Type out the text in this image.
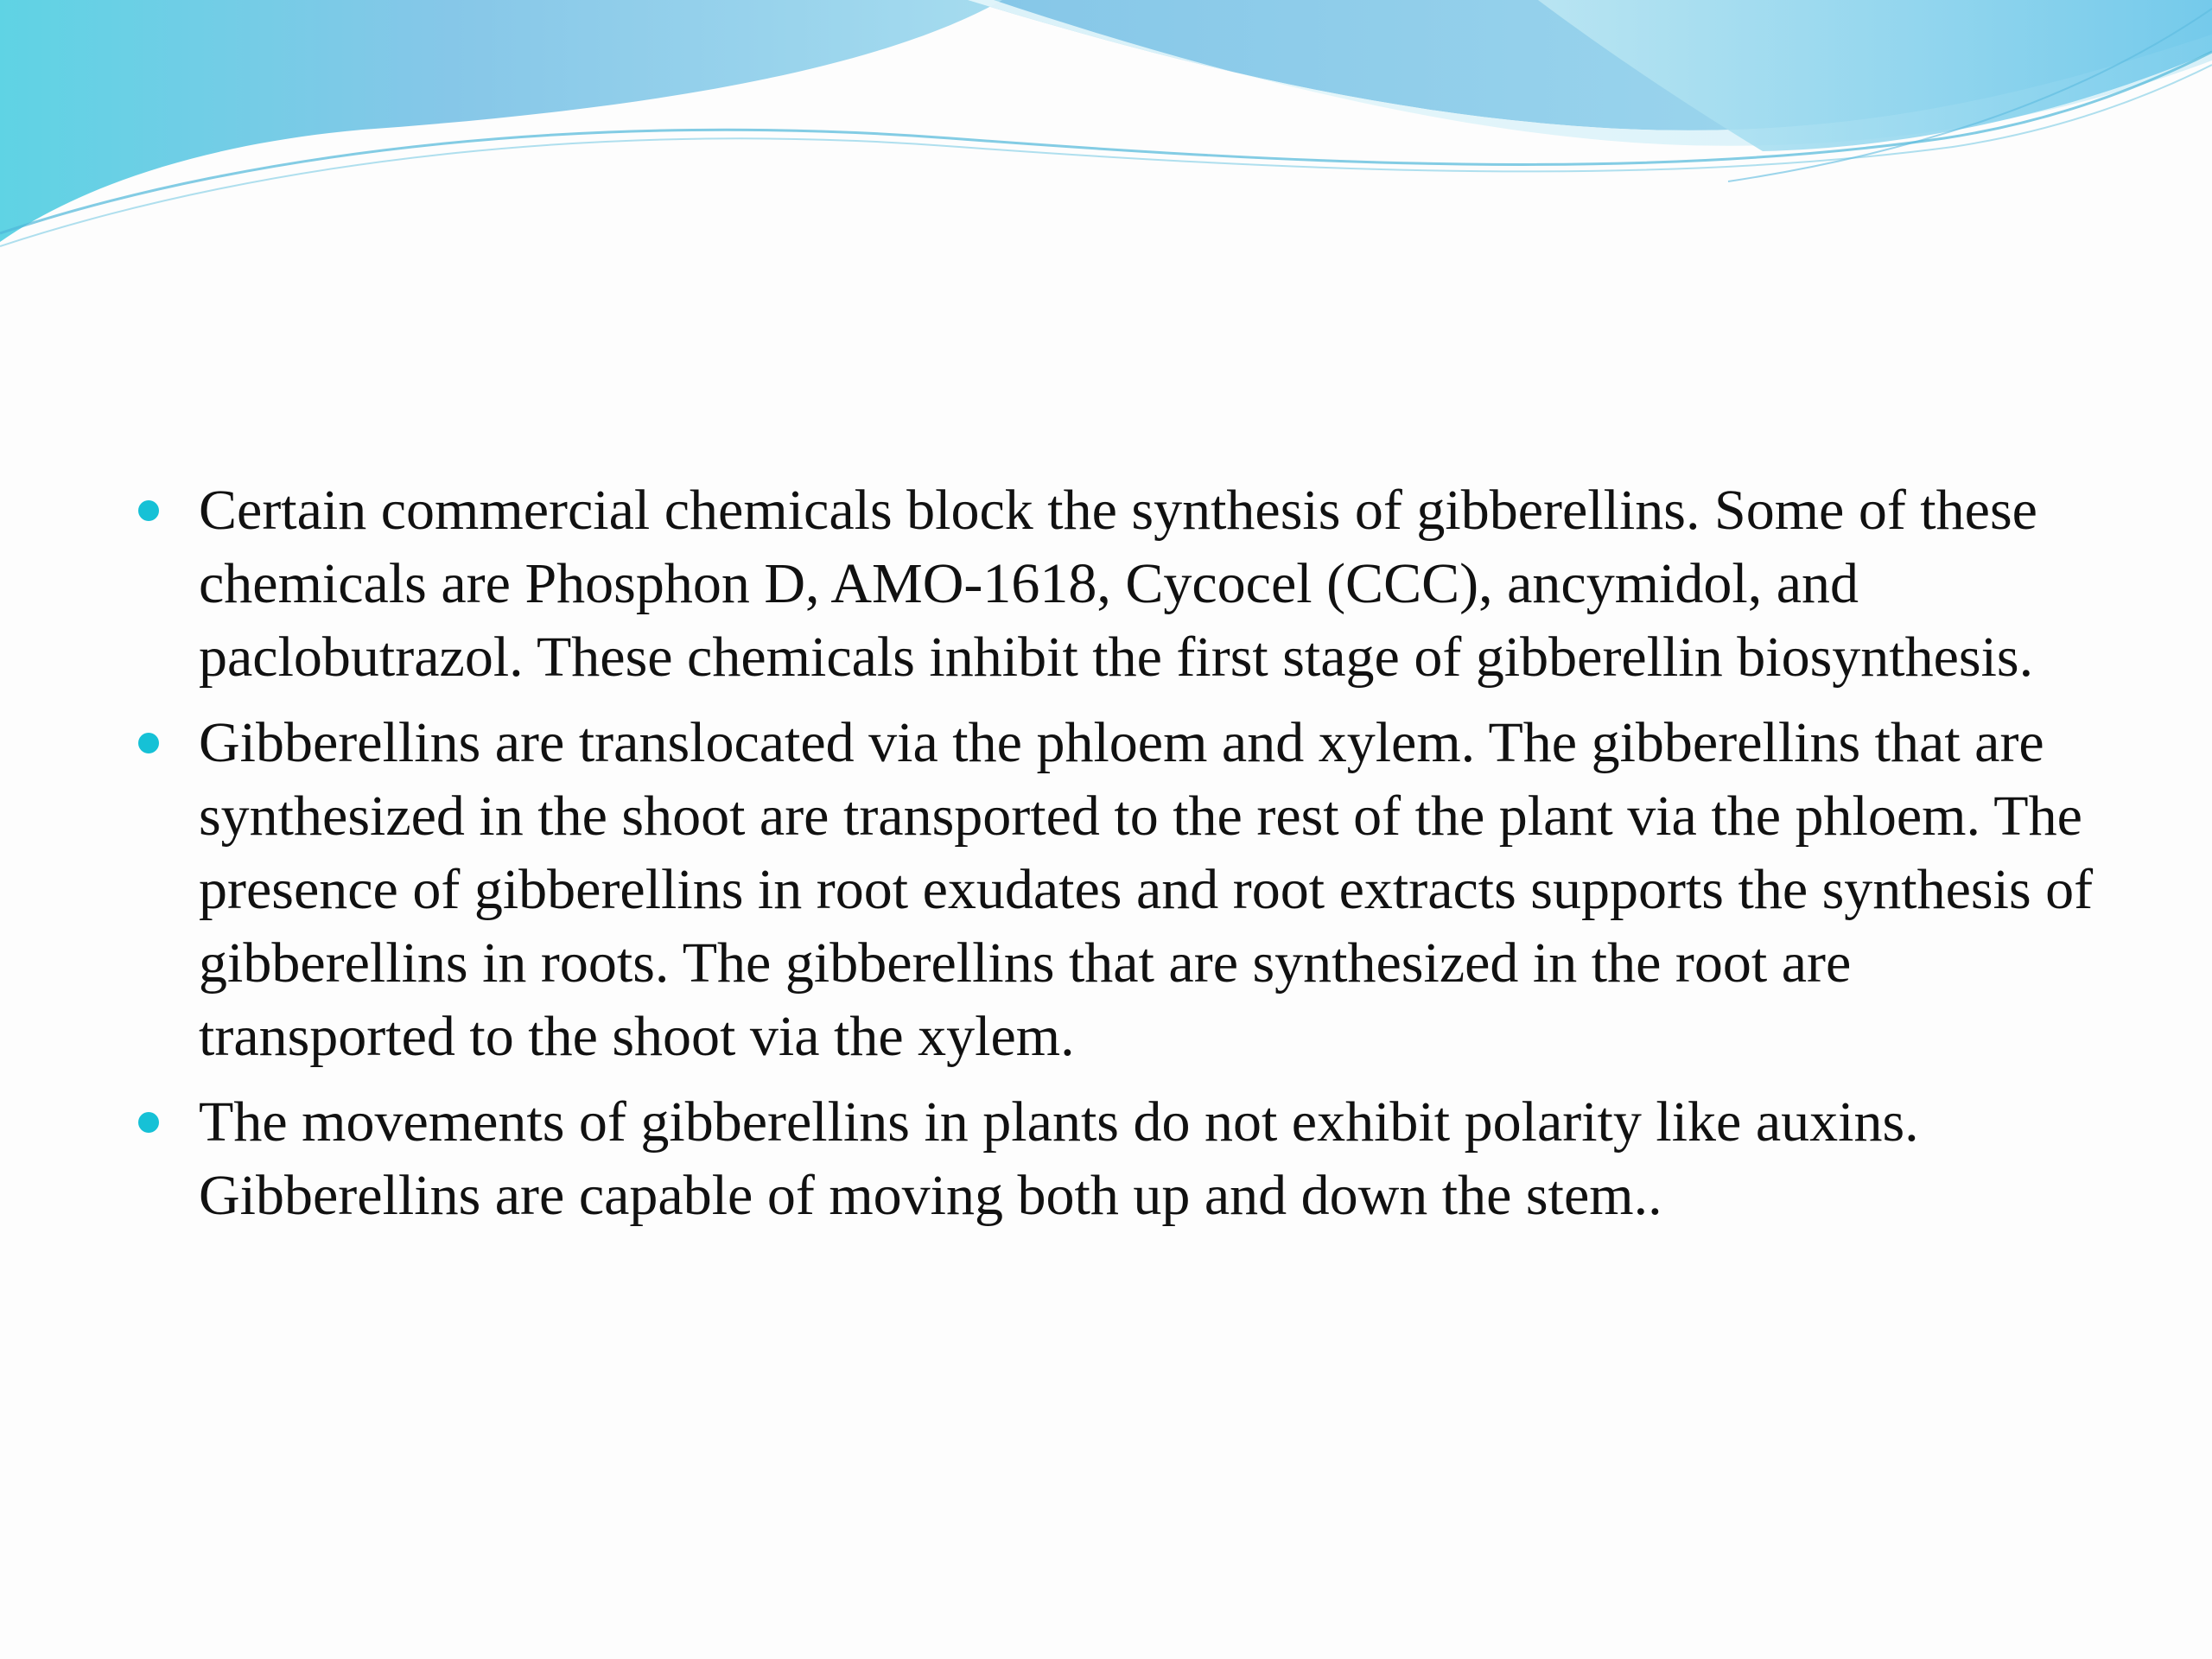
Certain commercial chemicals block the synthesis of gibberellins. Some of these chemicals are Phosphon D, AMO-1618, Cycocel (CCC), ancymidol, and paclobutrazol. These chemicals inhibit the first stage of gibberellin biosynthesis.
Gibberellins are translocated via the phloem and xylem. The gibberellins that are synthesized in the shoot are transported to the rest of the plant via the phloem. The presence of gibberellins in root exudates and root extracts supports the synthesis of gibberellins in roots. The gibberellins that are synthesized in the root are transported to the shoot via the xylem.
The movements of gibberellins in plants do not exhibit polarity like auxins. Gibberellins are capable of moving both up and down the stem..
